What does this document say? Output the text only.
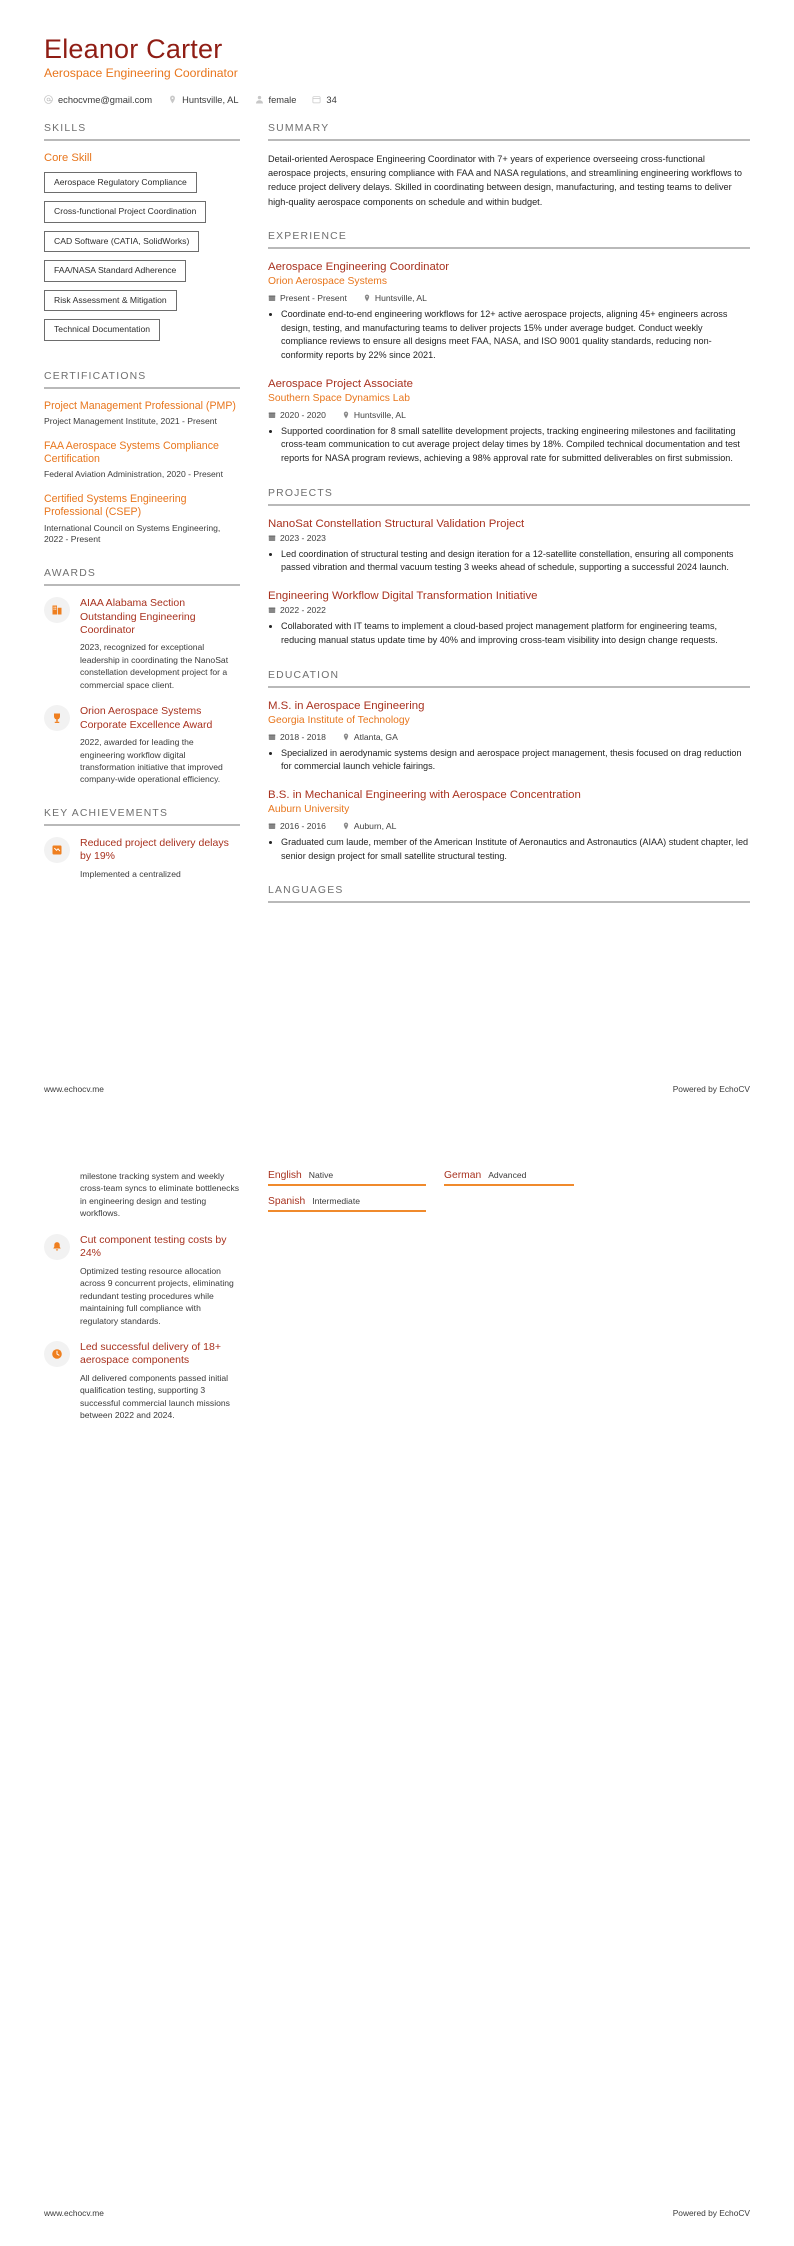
Eleanor Carter
Aerospace Engineering Coordinator
echocvme@gmail.com	Huntsville, AL	female	34
SKILLS
Core Skill
Aerospace Regulatory Compliance
Cross-functional Project Coordination
CAD Software (CATIA, SolidWorks)
FAA/NASA Standard Adherence
Risk Assessment & Mitigation
Technical Documentation
CERTIFICATIONS
Project Management Professional (PMP)
Project Management Institute, 2021 - Present
FAA Aerospace Systems Compliance Certification
Federal Aviation Administration, 2020 - Present
Certified Systems Engineering Professional (CSEP)
International Council on Systems Engineering, 2022 - Present
AWARDS
AIAA Alabama Section Outstanding Engineering Coordinator
2023, recognized for exceptional leadership in coordinating the NanoSat constellation development project for a commercial space client.
Orion Aerospace Systems Corporate Excellence Award
2022, awarded for leading the engineering workflow digital transformation initiative that improved company-wide operational efficiency.
KEY ACHIEVEMENTS
Reduced project delivery delays by 19%
Implemented a centralized
SUMMARY
Detail-oriented Aerospace Engineering Coordinator with 7+ years of experience overseeing cross-functional aerospace projects, ensuring compliance with FAA and NASA regulations, and streamlining engineering workflows to reduce project delivery delays. Skilled in coordinating between design, manufacturing, and testing teams to deliver high-quality aerospace components on schedule and within budget.
EXPERIENCE
Aerospace Engineering Coordinator
Orion Aerospace Systems
Present - Present	Huntsville, AL
• Coordinate end-to-end engineering workflows for 12+ active aerospace projects, aligning 45+ engineers across design, testing, and manufacturing teams to deliver projects 15% under average budget. Conduct weekly compliance reviews to ensure all designs meet FAA, NASA, and ISO 9001 quality standards, reducing non-conformity reports by 22% since 2021.
Aerospace Project Associate
Southern Space Dynamics Lab
2020 - 2020	Huntsville, AL
• Supported coordination for 8 small satellite development projects, tracking engineering milestones and facilitating cross-team communication to cut average project delay times by 18%. Compiled technical documentation and test reports for NASA program reviews, achieving a 98% approval rate for submitted deliverables on first submission.
PROJECTS
NanoSat Constellation Structural Validation Project
2023 - 2023
• Led coordination of structural testing and design iteration for a 12-satellite constellation, ensuring all components passed vibration and thermal vacuum testing 3 weeks ahead of schedule, supporting a successful 2024 launch.
Engineering Workflow Digital Transformation Initiative
2022 - 2022
• Collaborated with IT teams to implement a cloud-based project management platform for engineering teams, reducing manual status update time by 40% and improving cross-team visibility into design change requests.
EDUCATION
M.S. in Aerospace Engineering
Georgia Institute of Technology
2018 - 2018	Atlanta, GA
• Specialized in aerodynamic systems design and aerospace project management, thesis focused on drag reduction for commercial launch vehicle fairings.
B.S. in Mechanical Engineering with Aerospace Concentration
Auburn University
2016 - 2016	Auburn, AL
• Graduated cum laude, member of the American Institute of Aeronautics and Astronautics (AIAA) student chapter, led senior design project for small satellite structural testing.
LANGUAGES
www.echocv.me	Powered by EchoCV
milestone tracking system and weekly cross-team syncs to eliminate bottlenecks in engineering design and testing workflows.
Cut component testing costs by 24%
Optimized testing resource allocation across 9 concurrent projects, eliminating redundant testing procedures while maintaining full compliance with regulatory standards.
Led successful delivery of 18+ aerospace components
All delivered components passed initial qualification testing, supporting 3 successful commercial launch missions between 2022 and 2024.
English Native	German Advanced
Spanish Intermediate
www.echocv.me	Powered by EchoCV
